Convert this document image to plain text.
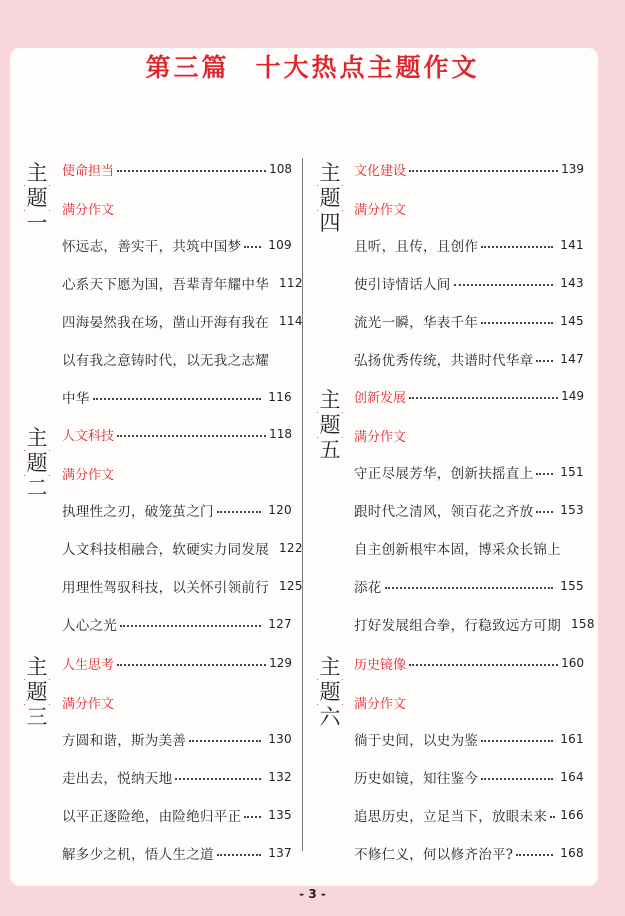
第三篇 十大热点主题作文
主
题
一
使命担当	108
满分作文
怀远志，善实干，共筑中国梦 109
心系天下愿为国，吾辈青年耀中华 112
四海晏然我在场，凿山开海有我在 114
以有我之意铸时代，以无我之志耀
中华	116
主
题
二
人文科技	118
满分作文
执理性之刃，破笼茧之门	120
人文科技相融合，软硬实力同发展 122
用理性驾驭科技，以关怀引领前行 125
人心之光	127
主
题
三
人生思考	129
满分作文
方圆和谐，斯为美善	130
走出去，悦纳天地	132
以平正逐险绝，由险绝归平正 135
解多少之机，悟人生之道	137
主
题
四
文化建设	139
满分作文
且听，且传，且创作	141
使引诗情话人间	143
流光一瞬，华表千年	145
弘扬优秀传统，共谱时代华章 147
主
题
五
创新发展	149
满分作文
守正尽展芳华，创新扶摇直上 151
跟时代之清风，领百花之齐放 153
自主创新根牢本固，博采众长锦上
添花	155
打好发展组合拳，行稳致远方可期 158
主
题
六
历史镜像	160
满分作文
徜于史间，以史为鉴	161
历史如镜，知往鉴今	164
追思历史，立足当下，放眼未来 166
不修仁义，何以修齐治平?	168
- 3 -
